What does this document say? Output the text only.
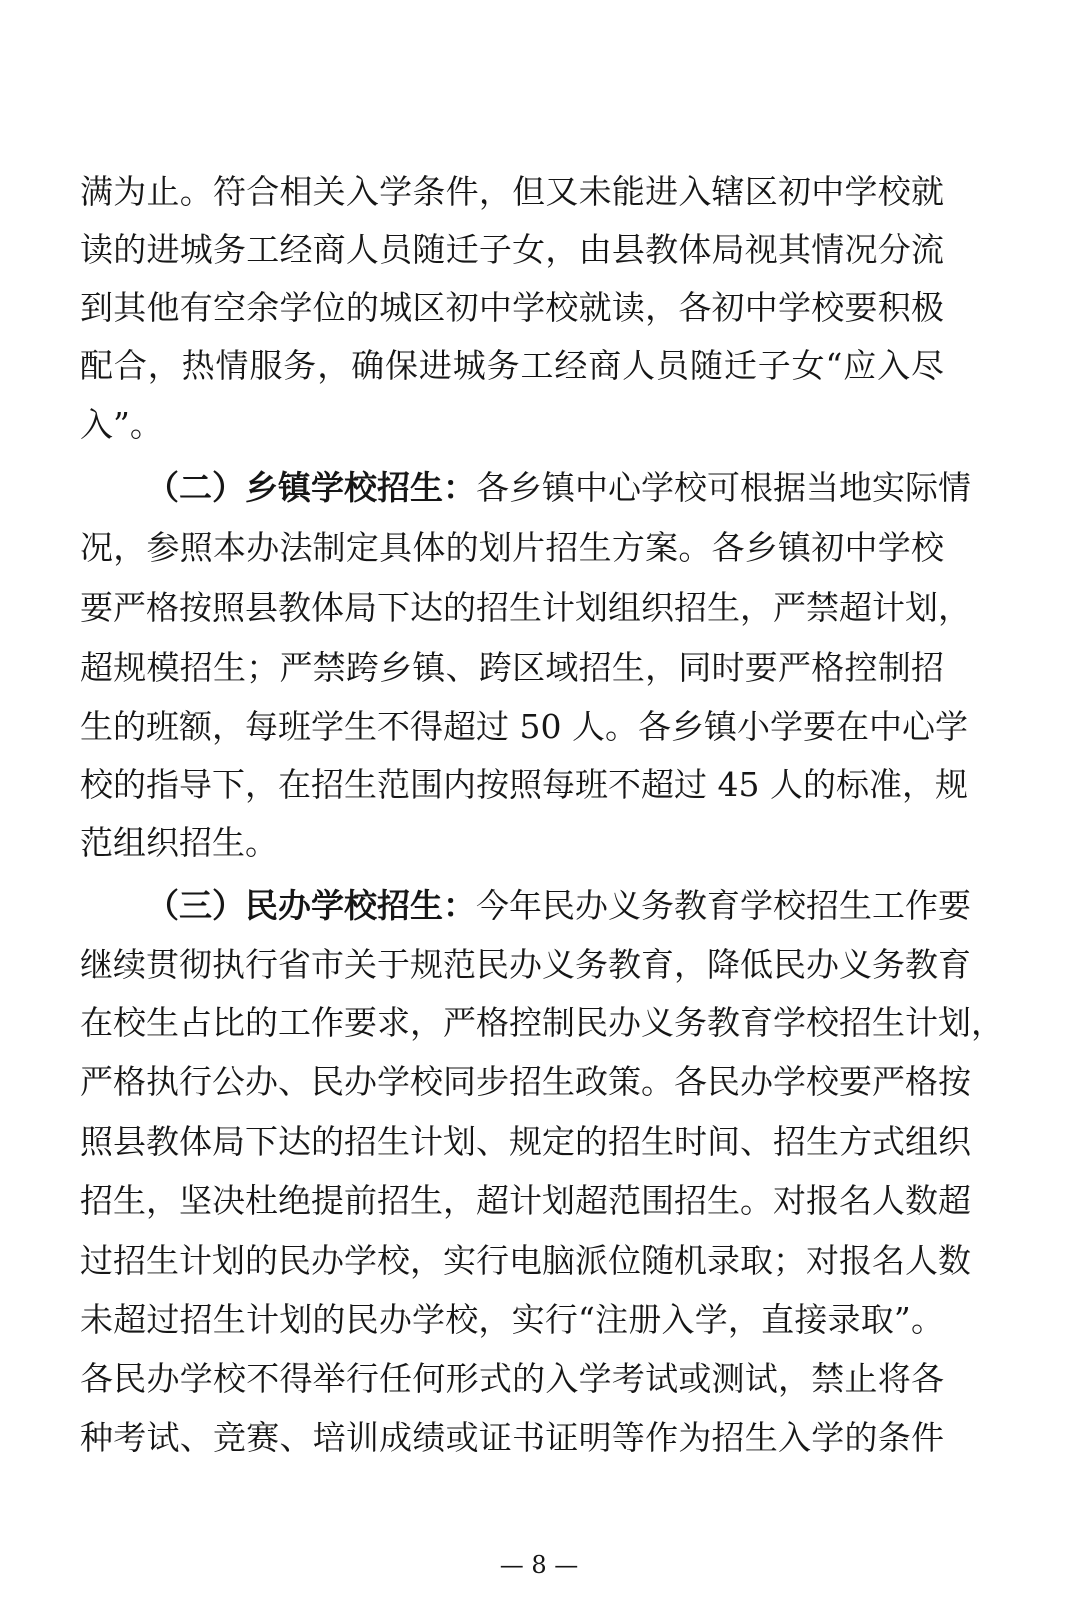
满为止。符合相关入学条件，但又未能进入辖区初中学校就
读的进城务工经商人员随迁子女，由县教体局视其情况分流
到其他有空余学位的城区初中学校就读，各初中学校要积极
配合，热情服务，确保进城务工经商人员随迁子女“应入尽
入”。
（二）乡镇学校招生：各乡镇中心学校可根据当地实际情
况，参照本办法制定具体的划片招生方案。各乡镇初中学校
要严格按照县教体局下达的招生计划组织招生，严禁超计划，
超规模招生；严禁跨乡镇、跨区域招生，同时要严格控制招
生的班额，每班学生不得超过 50 人。各乡镇小学要在中心学
校的指导下，在招生范围内按照每班不超过 45 人的标准，规
范组织招生。
（三）民办学校招生：今年民办义务教育学校招生工作要
继续贯彻执行省市关于规范民办义务教育，降低民办义务教育
在校生占比的工作要求，严格控制民办义务教育学校招生计划，
严格执行公办、民办学校同步招生政策。各民办学校要严格按
照县教体局下达的招生计划、规定的招生时间、招生方式组织
招生，坚决杜绝提前招生，超计划超范围招生。对报名人数超
过招生计划的民办学校，实行电脑派位随机录取；对报名人数
未超过招生计划的民办学校，实行“注册入学，直接录取”。
各民办学校不得举行任何形式的入学考试或测试，禁止将各
种考试、竞赛、培训成绩或证书证明等作为招生入学的条件
— 8 —
